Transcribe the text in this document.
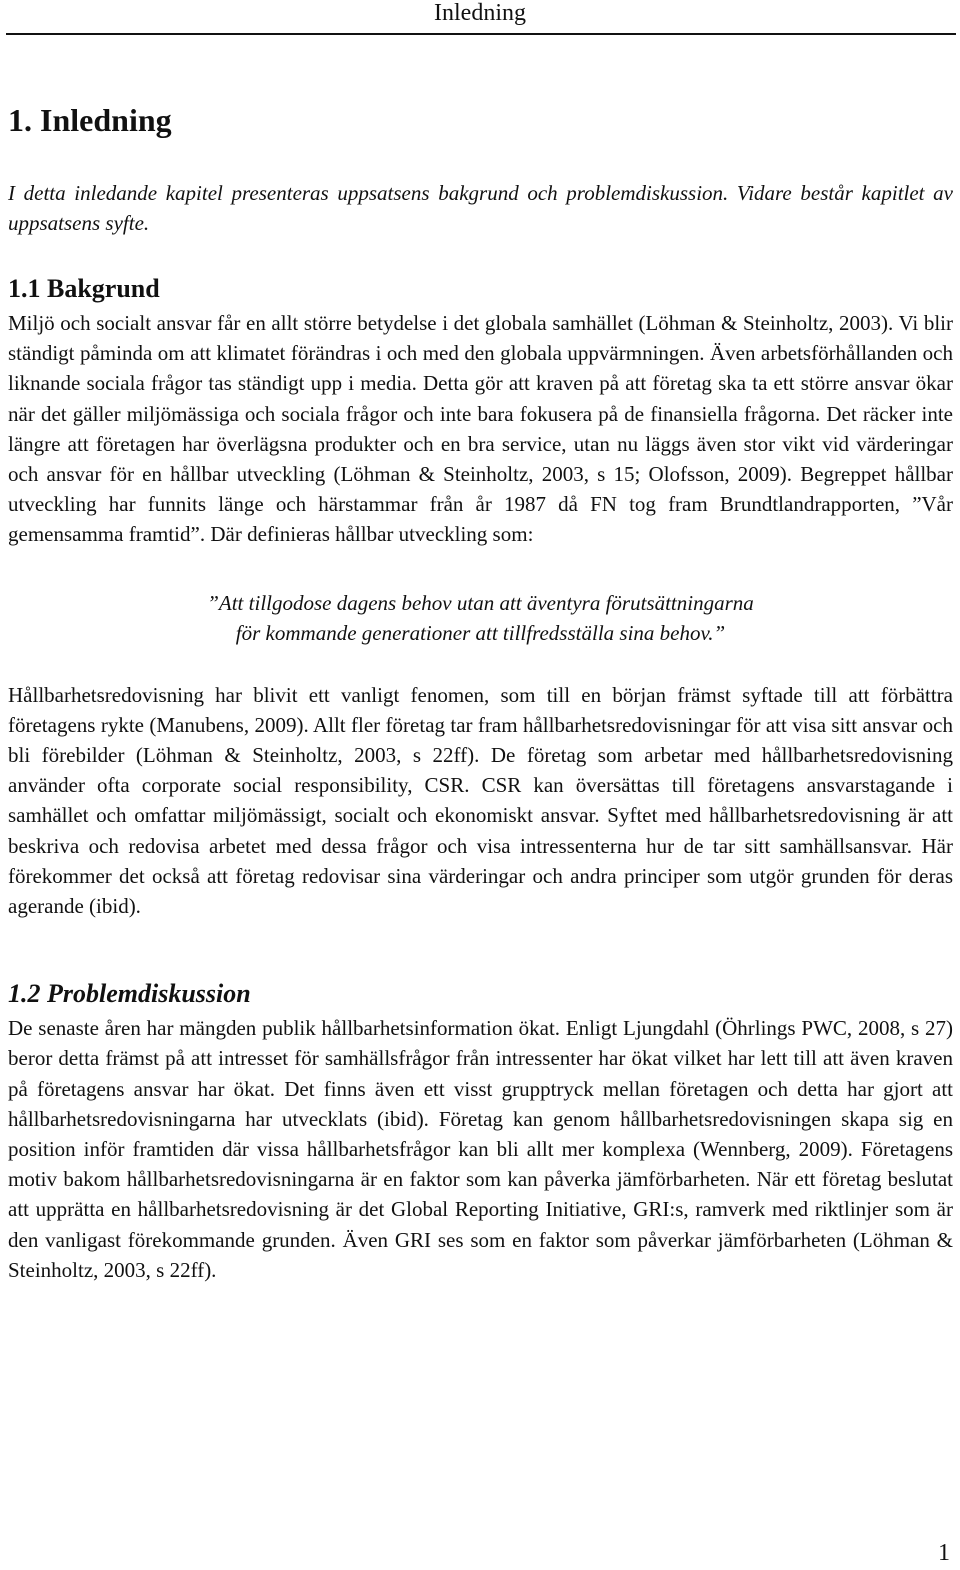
Inledning
1. Inledning

I detta inledande kapitel presenteras uppsatsens bakgrund och problemdiskussion. Vidare består kapitlet av uppsatsens syfte.

1.1 Bakgrund

Miljö och socialt ansvar får en allt större betydelse i det globala samhället (Löhman & Steinholtz, 2003). Vi blir ständigt påminda om att klimatet förändras i och med den globala uppvärmningen. Även arbetsförhållanden och liknande sociala frågor tas ständigt upp i media. Detta gör att kraven på att företag ska ta ett större ansvar ökar när det gäller miljömässiga och sociala frågor och inte bara fokusera på de finansiella frågorna. Det räcker inte längre att företagen har överlägsna produkter och en bra service, utan nu läggs även stor vikt vid värderingar och ansvar för en hållbar utveckling (Löhman & Steinholtz, 2003, s 15; Olofsson, 2009). Begreppet hållbar utveckling har funnits länge och härstammar från år 1987 då FN tog fram Brundtlandrapporten, ”Vår gemensamma framtid”. Där definieras hållbar utveckling som:

”Att tillgodose dagens behov utan att äventyra förutsättningarna
för kommande generationer att tillfredsställa sina behov.”

Hållbarhetsredovisning har blivit ett vanligt fenomen, som till en början främst syftade till att förbättra företagens rykte (Manubens, 2009). Allt fler företag tar fram hållbarhetsredovisningar för att visa sitt ansvar och bli förebilder (Löhman & Steinholtz, 2003, s 22ff). De företag som arbetar med hållbarhetsredovisning använder ofta corporate social responsibility, CSR. CSR kan översättas till företagens ansvarstagande i samhället och omfattar miljömässigt, socialt och ekonomiskt ansvar. Syftet med hållbarhetsredovisning är att beskriva och redovisa arbetet med dessa frågor och visa intressenterna hur de tar sitt samhällsansvar. Här förekommer det också att företag redovisar sina värderingar och andra principer som utgör grunden för deras agerande (ibid).

1.2 Problemdiskussion

De senaste åren har mängden publik hållbarhetsinformation ökat. Enligt Ljungdahl (Öhrlings PWC, 2008, s 27) beror detta främst på att intresset för samhällsfrågor från intressenter har ökat vilket har lett till att även kraven på företagens ansvar har ökat. Det finns även ett visst grupptryck mellan företagen och detta har gjort att hållbarhetsredovisningarna har utvecklats (ibid). Företag kan genom hållbarhetsredovisningen skapa sig en position inför framtiden där vissa hållbarhetsfrågor kan bli allt mer komplexa (Wennberg, 2009). Företagens motiv bakom hållbarhetsredovisningarna är en faktor som kan påverka jämförbarheten. När ett företag beslutat att upprätta en hållbarhetsredovisning är det Global Reporting Initiative, GRI:s, ramverk med riktlinjer som är den vanligast förekommande grunden. Även GRI ses som en faktor som påverkar jämförbarheten (Löhman & Steinholtz, 2003, s 22ff).

1
